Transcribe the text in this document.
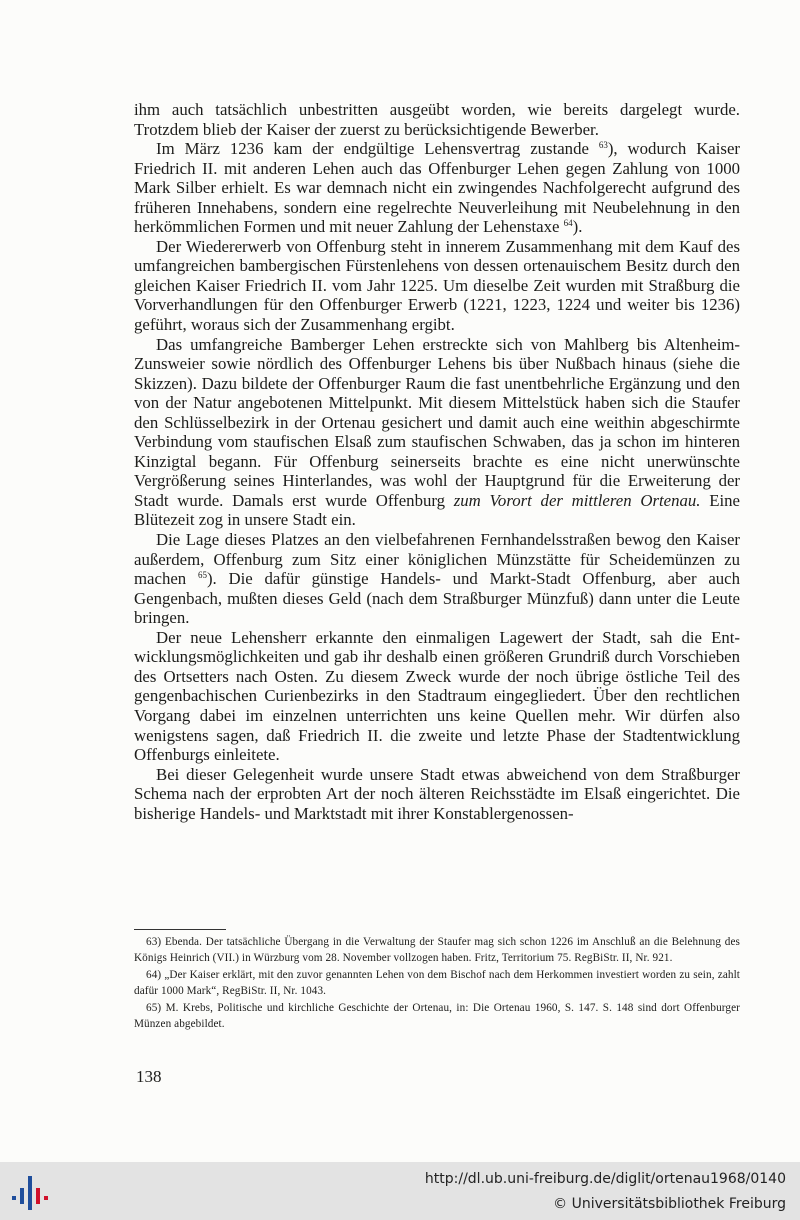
ihm auch tatsächlich unbestritten ausgeübt worden, wie bereits dargelegt wurde. Trotzdem blieb der Kaiser der zuerst zu berücksichtigende Bewerber.

Im März 1236 kam der endgültige Lehensvertrag zustande $^{63}$), wodurch Kaiser Friedrich II. mit anderen Lehen auch das Offenburger Lehen gegen Zahlung von 1000 Mark Silber erhielt. Es war demnach nicht ein zwingendes Nachfolgerecht aufgrund des früheren Innehabens, sondern eine regelrechte Neuverleihung mit Neubelehnung in den herkömmlichen Formen und mit neuer Zahlung der Lehenstaxe $^{64}$).

Der Wiedererwerb von Offenburg steht in innerem Zusammenhang mit dem Kauf des umfangreichen bambergischen Fürstenlehens von dessen ortenauischem Besitz durch den gleichen Kaiser Friedrich II. vom Jahr 1225. Um dieselbe Zeit wurden mit Straßburg die Vorverhandlungen für den Offenburger Erwerb (1221, 1223, 1224 und weiter bis 1236) geführt, woraus sich der Zusammenhang ergibt.

Das umfangreiche Bamberger Lehen erstreckte sich von Mahlberg bis Altenheim-Zunsweier sowie nördlich des Offenburger Lehens bis über Nußbach hinaus (siehe die Skizzen). Dazu bildete der Offenburger Raum die fast unentbehrliche Ergänzung und den von der Natur angebotenen Mittelpunkt. Mit diesem Mittelstück haben sich die Staufer den Schlüsselbezirk in der Ortenau gesichert und damit auch eine weithin abgeschirmte Verbindung vom staufischen Elsaß zum staufischen Schwaben, das ja schon im hinteren Kinzigtal begann. Für Offenburg seinerseits brachte es eine nicht unerwünschte Vergrößerung seines Hinterlandes, was wohl der Hauptgrund für die Erweiterung der Stadt wurde. Damals erst wurde Offenburg zum Vorort der mittleren Ortenau. Eine Blütezeit zog in unsere Stadt ein.

Die Lage dieses Platzes an den vielbefahrenen Fernhandelsstraßen bewog den Kaiser außerdem, Offenburg zum Sitz einer königlichen Münzstätte für Scheidemünzen zu machen $^{65}$). Die dafür günstige Handels- und Markt-Stadt Offenburg, aber auch Gengenbach, mußten dieses Geld (nach dem Straßburger Münzfuß) dann unter die Leute bringen.

Der neue Lehensherr erkannte den einmaligen Lagewert der Stadt, sah die Entwicklungsmöglichkeiten und gab ihr deshalb einen größeren Grundriß durch Vorschieben des Ortsetters nach Osten. Zu diesem Zweck wurde der noch übrige östliche Teil des gengenbachischen Curienbezirks in den Stadtraum eingegliedert. Über den rechtlichen Vorgang dabei im einzelnen unterrichten uns keine Quellen mehr. Wir dürfen also wenigstens sagen, daß Friedrich II. die zweite und letzte Phase der Stadtentwicklung Offenburgs einleitete.

Bei dieser Gelegenheit wurde unsere Stadt etwas abweichend von dem Straßburger Schema nach der erprobten Art der noch älteren Reichsstädte im Elsaß eingerichtet. Die bisherige Handels- und Marktstadt mit ihrer Konstablergenossen-

63) Ebenda. Der tatsächliche Übergang in die Verwaltung der Staufer mag sich schon 1226 im Anschluß an die Belehnung des Königs Heinrich (VII.) in Würzburg vom 28. November vollzogen haben. Fritz, Territorium 75. RegBiStr. II, Nr. 921.

64) „Der Kaiser erklärt, mit den zuvor genannten Lehen von dem Bischof nach dem Herkommen investiert worden zu sein, zahlt dafür 1000 Mark“, RegBiStr. II, Nr. 1043.

65) M. Krebs, Politische und kirchliche Geschichte der Ortenau, in: Die Ortenau 1960, S. 147. S. 148 sind dort Offenburger Münzen abgebildet.

138
http://dl.ub.uni-freiburg.de/diglit/ortenau1968/0140
© Universitätsbibliothek Freiburg
